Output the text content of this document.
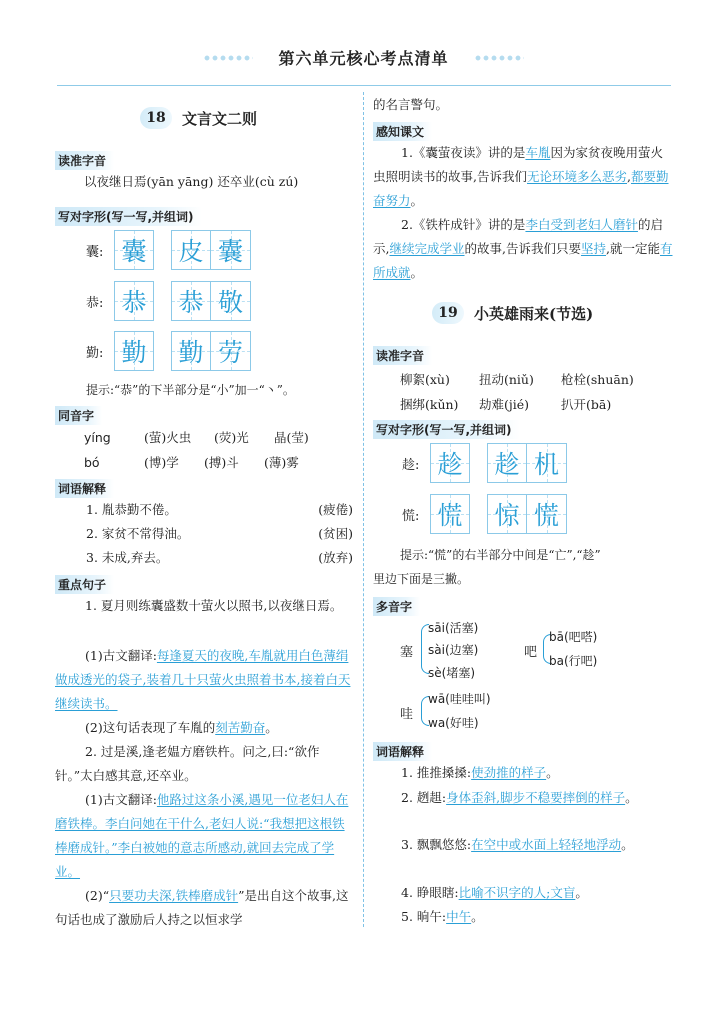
第六单元核心考点清单
18	文言文二则
读准字音
以夜继日焉(yān yāng) 还卒业(cù zú)
写对字形(写一写,并组词)
囊: 囊 皮 囊
恭: 恭 恭 敬
勤: 勤 勤 劳
提示:“恭”的下半部分是“小”加一“丶”。
同音字
yíng	(萤)火虫 (荧)光 晶(莹)
bó	(博)学 (搏)斗 (薄)雾
词语解释
1. 胤恭勤不倦。	(疲倦)
2. 家贫不常得油。	(贫困)
3. 未成,弃去。	(放弃)
重点句子
1. 夏月则练囊盛数十萤火以照书,以夜继日焉。
(1)古文翻译:每逢夏天的夜晚,车胤就用白色薄绢做成透光的袋子,装着几十只萤火虫照着书本,接着白天继续读书。
(2)这句话表现了车胤的刻苦勤奋。
2. 过是溪,逢老媪方磨铁杵。问之,曰:“欲作针。”太白感其意,还卒业。
(1)古文翻译:他路过这条小溪,遇见一位老妇人在磨铁棒。李白问她在干什么,老妇人说:“我想把这根铁棒磨成针。”李白被她的意志所感动,就回去完成了学业。
(2)“只要功夫深,铁棒磨成针”是出自这个故事,这句话也成了激励后人持之以恒求学
的名言警句。
感知课文
1.《囊萤夜读》讲的是车胤因为家贫夜晚用萤火虫照明读书的故事,告诉我们无论环境多么恶劣,都要勤奋努力。
2.《铁杵成针》讲的是李白受到老妇人磨针的启示,继续完成学业的故事,告诉我们只要坚持,就一定能有所成就。
19	小英雄雨来(节选)
读准字音
柳絮(xù) 扭动(niǔ) 枪栓(shuān)
捆绑(kǔn) 劫难(jié)	扒开(bā)
写对字形(写一写,并组词)
趁: 趁 趁 机
慌: 慌 惊 慌
提示:“慌”的右半部分中间是“亡”,“趁”
里边下面是三撇。
多音字
塞
sāi(活塞)
sài(边塞)
sè(堵塞)
吧
bā(吧嗒)
ba(行吧)
哇
wā(哇哇叫)
wa(好哇)
词语解释
1. 推推搡搡:使劲推的样子。
2. 趔趄:身体歪斜,脚步不稳要摔倒的样子。
3. 飘飘悠悠:在空中或水面上轻轻地浮动。
4. 睁眼瞎:比喻不识字的人;文盲。
5. 晌午:中午。
